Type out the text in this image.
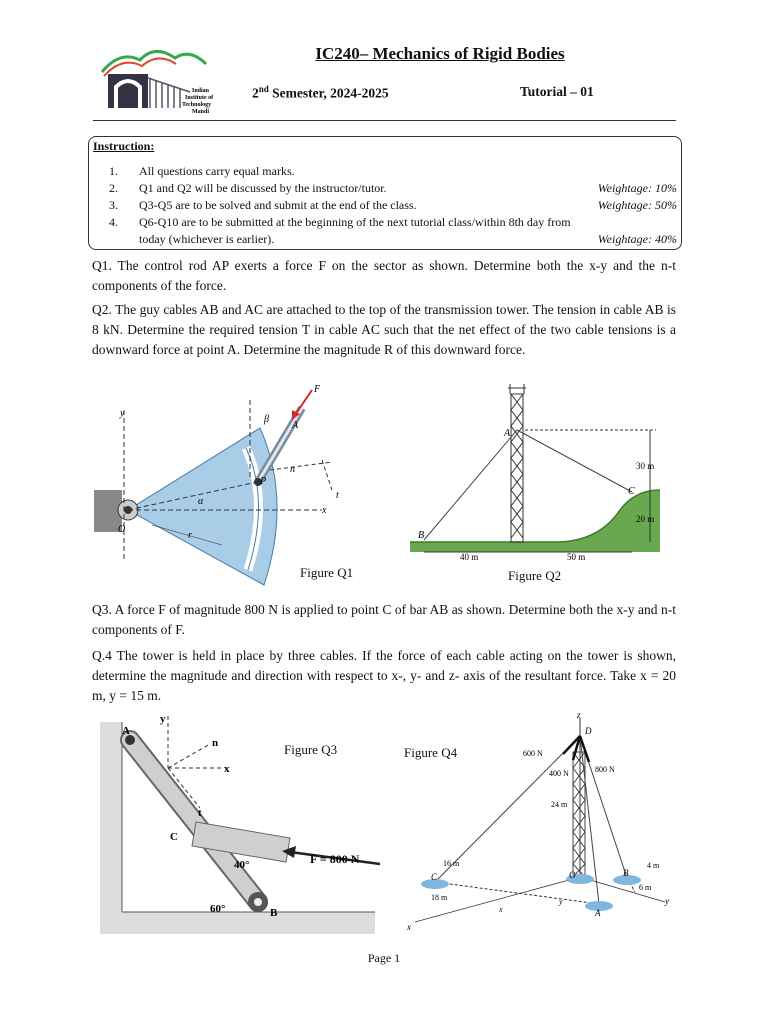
Indian
Institute of
Technology
Mandi
IC240– Mechanics of Rigid Bodies
2nd Semester, 2024-2025	Tutorial – 01
Instruction:
1.	All questions carry equal marks.
2.	Q1 and Q2 will be discussed by the instructor/tutor.	Weightage: 10%
3.	Q3-Q5 are to be solved and submit at the end of the class.	Weightage: 50%
4.	Q6-Q10 are to be submitted at the beginning of the next tutorial class/within 8th day from
today (whichever is earlier).	Weightage: 40%
Q1. The control rod AP exerts a force F on the sector as shown. Determine both the x-y and the n-t components of the force.
Q2. The guy cables AB and AC are attached to the top of the transmission tower. The tension in cable AB is 8 kN. Determine the required tension T in cable AC such that the net effect of the two cable tensions is a downward force at point A. Determine the magnitude R of this downward force.
F
A
P
O
x
y
n
t
r
β
α
Figure Q1
A
B
C
40 m	50 m
30 m
20 m
Figure Q2
Q3. A force F of magnitude 800 N is applied to point C of bar AB as shown. Determine both the x-y and n-t components of F.
Q.4 The tower is held in place by three cables. If the force of each cable acting on the tower is shown, determine the magnitude and direction with respect to x-, y- and z- axis of the resultant force. Take x = 20 m, y = 15 m.
A
B
C
y
x
n
t
40°
60°
F = 800 N
Figure Q3
z
D
O
A
B
C
x
y
600 N
400 N	800 N
24 m
16 m
18 m
4 m
6 m
y
x
Figure Q4
Page 1
